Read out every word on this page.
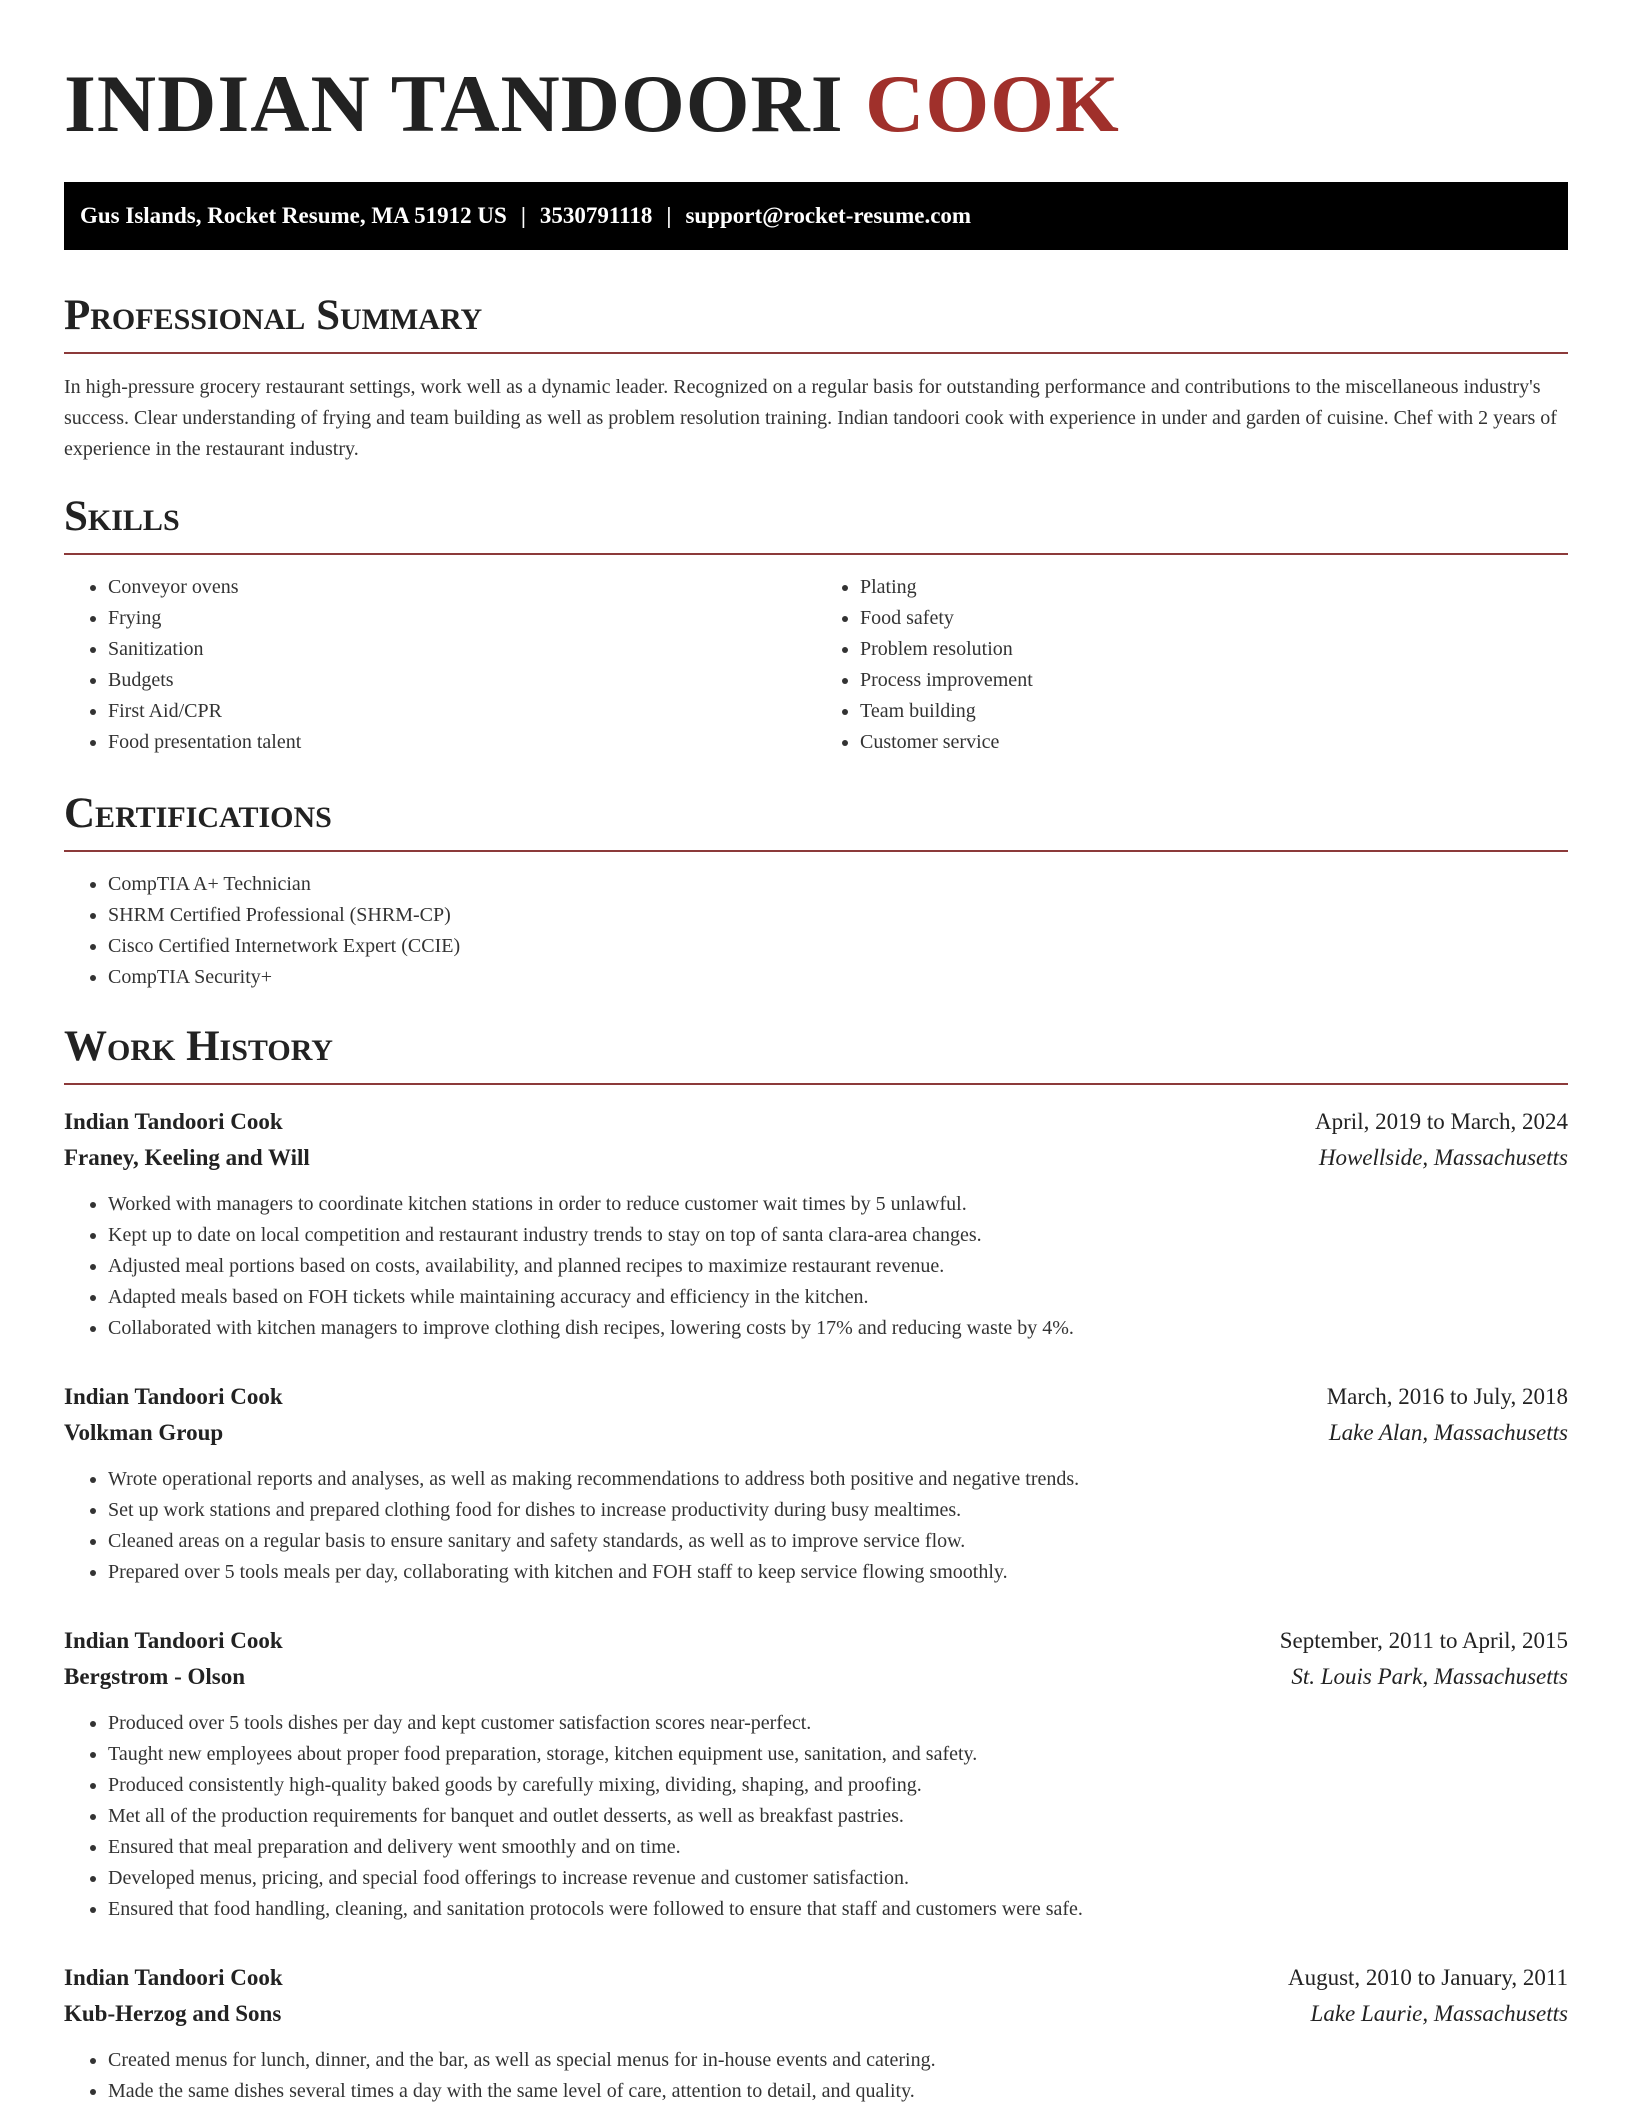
INDIAN TANDOORI COOK
Gus Islands, Rocket Resume, MA 51912 US | 3530791118 | support@rocket-resume.com
Professional Summary

In high-pressure grocery restaurant settings, work well as a dynamic leader. Recognized on a regular basis for outstanding performance and contributions to the miscellaneous industry's success. Clear understanding of frying and team building as well as problem resolution training. Indian tandoori cook with experience in under and garden of cuisine. Chef with 2 years of experience in the restaurant industry.

Skills
• Conveyor ovens
• Frying
• Sanitization
• Budgets
• First Aid/CPR
• Food presentation talent
• Plating
• Food safety
• Problem resolution
• Process improvement
• Team building
• Customer service
Certifications
• CompTIA A+ Technician
• SHRM Certified Professional (SHRM-CP)
• Cisco Certified Internetwork Expert (CCIE)
• CompTIA Security+
Work History
Indian Tandoori Cook	April, 2019 to March, 2024
Franey, Keeling and Will	Howellside, Massachusetts
• Worked with managers to coordinate kitchen stations in order to reduce customer wait times by 5 unlawful.
• Kept up to date on local competition and restaurant industry trends to stay on top of santa clara-area changes.
• Adjusted meal portions based on costs, availability, and planned recipes to maximize restaurant revenue.
• Adapted meals based on FOH tickets while maintaining accuracy and efficiency in the kitchen.
• Collaborated with kitchen managers to improve clothing dish recipes, lowering costs by 17% and reducing waste by 4%.
Indian Tandoori Cook	March, 2016 to July, 2018
Volkman Group	Lake Alan, Massachusetts
• Wrote operational reports and analyses, as well as making recommendations to address both positive and negative trends.
• Set up work stations and prepared clothing food for dishes to increase productivity during busy mealtimes.
• Cleaned areas on a regular basis to ensure sanitary and safety standards, as well as to improve service flow.
• Prepared over 5 tools meals per day, collaborating with kitchen and FOH staff to keep service flowing smoothly.
Indian Tandoori Cook	September, 2011 to April, 2015
Bergstrom - Olson	St. Louis Park, Massachusetts
• Produced over 5 tools dishes per day and kept customer satisfaction scores near-perfect.
• Taught new employees about proper food preparation, storage, kitchen equipment use, sanitation, and safety.
• Produced consistently high-quality baked goods by carefully mixing, dividing, shaping, and proofing.
• Met all of the production requirements for banquet and outlet desserts, as well as breakfast pastries.
• Ensured that meal preparation and delivery went smoothly and on time.
• Developed menus, pricing, and special food offerings to increase revenue and customer satisfaction.
• Ensured that food handling, cleaning, and sanitation protocols were followed to ensure that staff and customers were safe.
Indian Tandoori Cook	August, 2010 to January, 2011
Kub-Herzog and Sons	Lake Laurie, Massachusetts
• Created menus for lunch, dinner, and the bar, as well as special menus for in-house events and catering.
• Made the same dishes several times a day with the same level of care, attention to detail, and quality.
